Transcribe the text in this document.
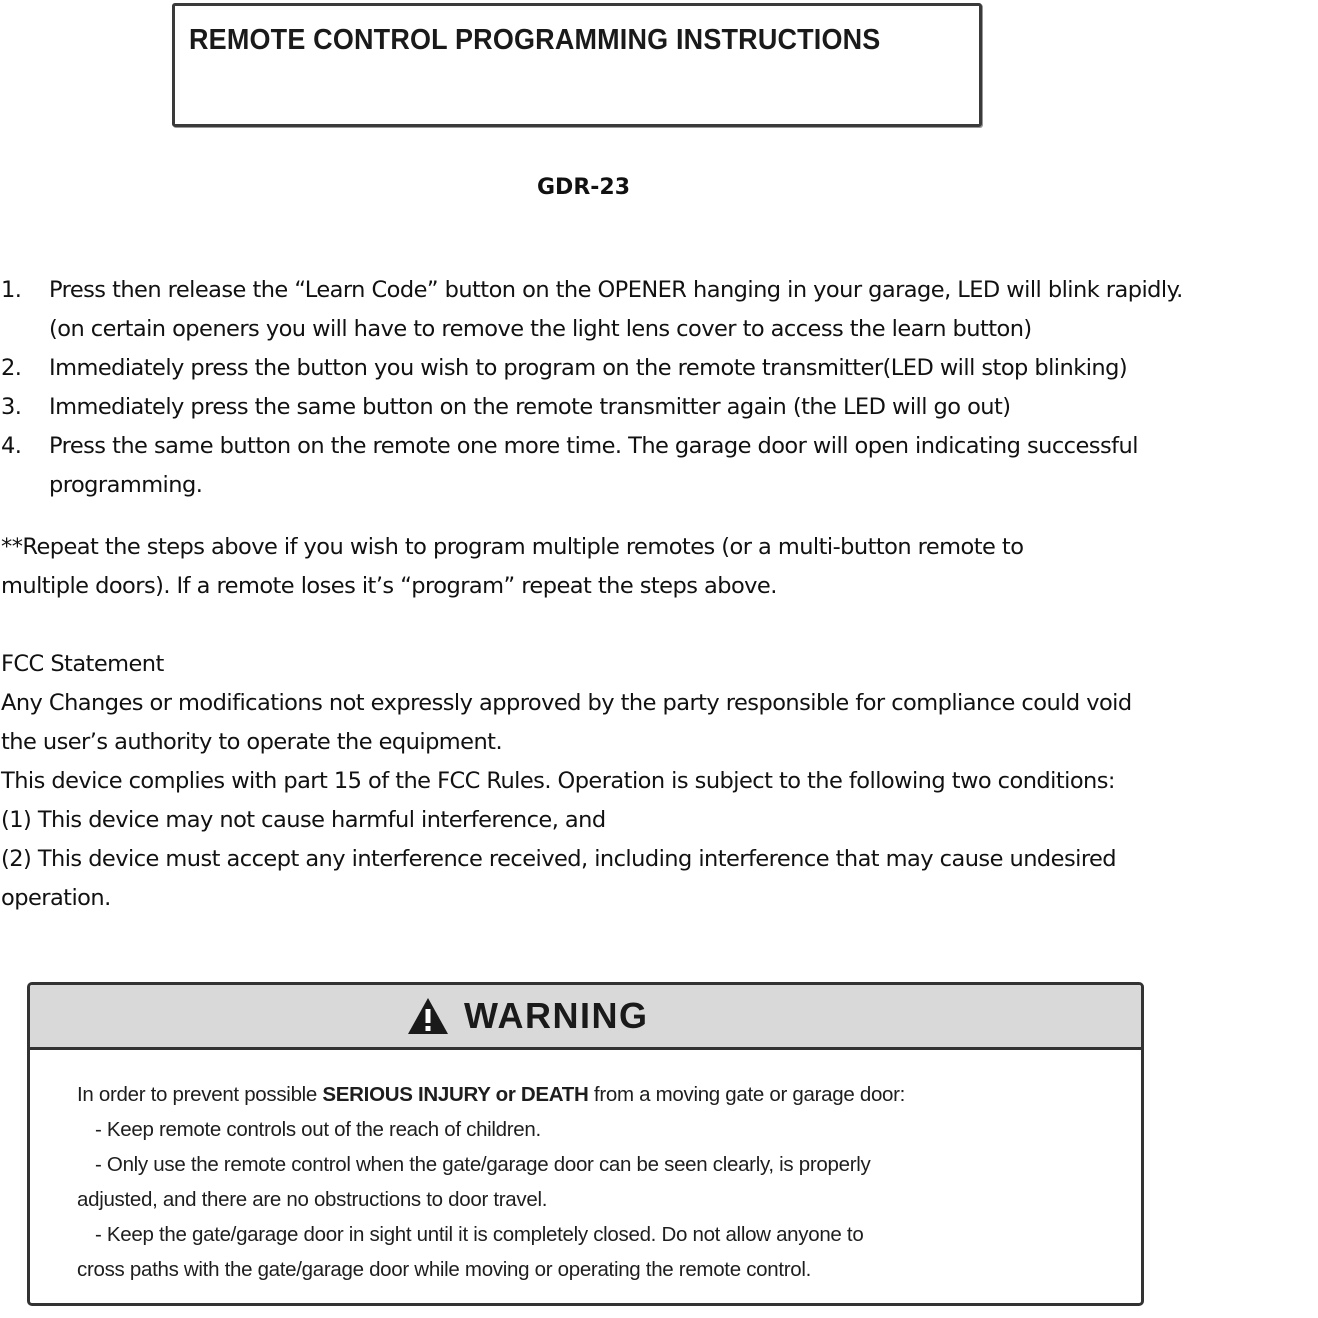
REMOTE CONTROL PROGRAMMING INSTRUCTIONS
GDR-23
1. Press then release the “Learn Code” button on the OPENER hanging in your garage, LED will blink rapidly.
(on certain openers you will have to remove the light lens cover to access the learn button)
2. Immediately press the button you wish to program on the remote transmitter(LED will stop blinking)
3. Immediately press the same button on the remote transmitter again (the LED will go out)
4. Press the same button on the remote one more time. The garage door will open indicating successful
programming.

**Repeat the steps above if you wish to program multiple remotes (or a multi-button remote to

multiple doors). If a remote loses it’s “program” repeat the steps above.

FCC Statement

Any Changes or modifications not expressly approved by the party responsible for compliance could void

the user’s authority to operate the equipment.

This device complies with part 15 of the FCC Rules. Operation is subject to the following two conditions:

(1) This device may not cause harmful interference, and

(2) This device must accept any interference received, including interference that may cause undesired

operation.

WARNING

In order to prevent possible SERIOUS INJURY or DEATH from a moving gate or garage door:

- Keep remote controls out of the reach of children.

- Only use the remote control when the gate/garage door can be seen clearly, is properly

adjusted, and there are no obstructions to door travel.

- Keep the gate/garage door in sight until it is completely closed. Do not allow anyone to

cross paths with the gate/garage door while moving or operating the remote control.
